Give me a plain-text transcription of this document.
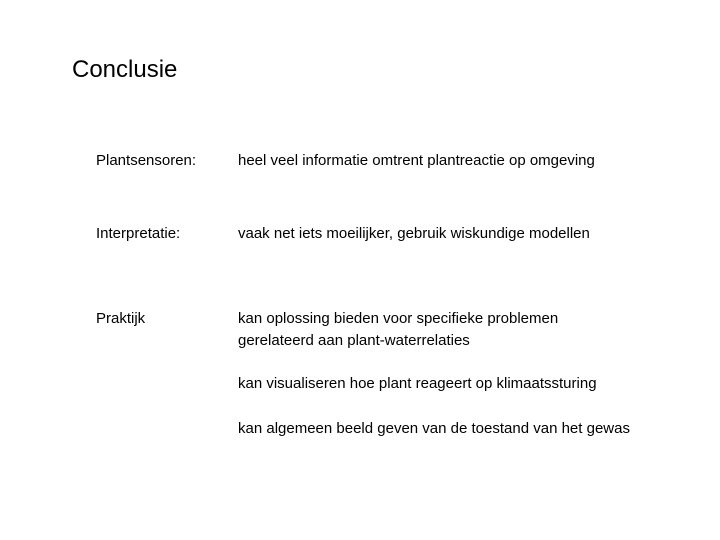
Conclusie
Plantsensoren:	heel veel informatie omtrent plantreactie op omgeving
Interpretatie:	vaak net iets moeilijker, gebruik wiskundige modellen
Praktijk	kan oplossing bieden voor specifieke problemen
gerelateerd aan plant-waterrelaties
kan visualiseren hoe plant reageert op klimaatssturing
kan algemeen beeld geven van de toestand van het gewas
